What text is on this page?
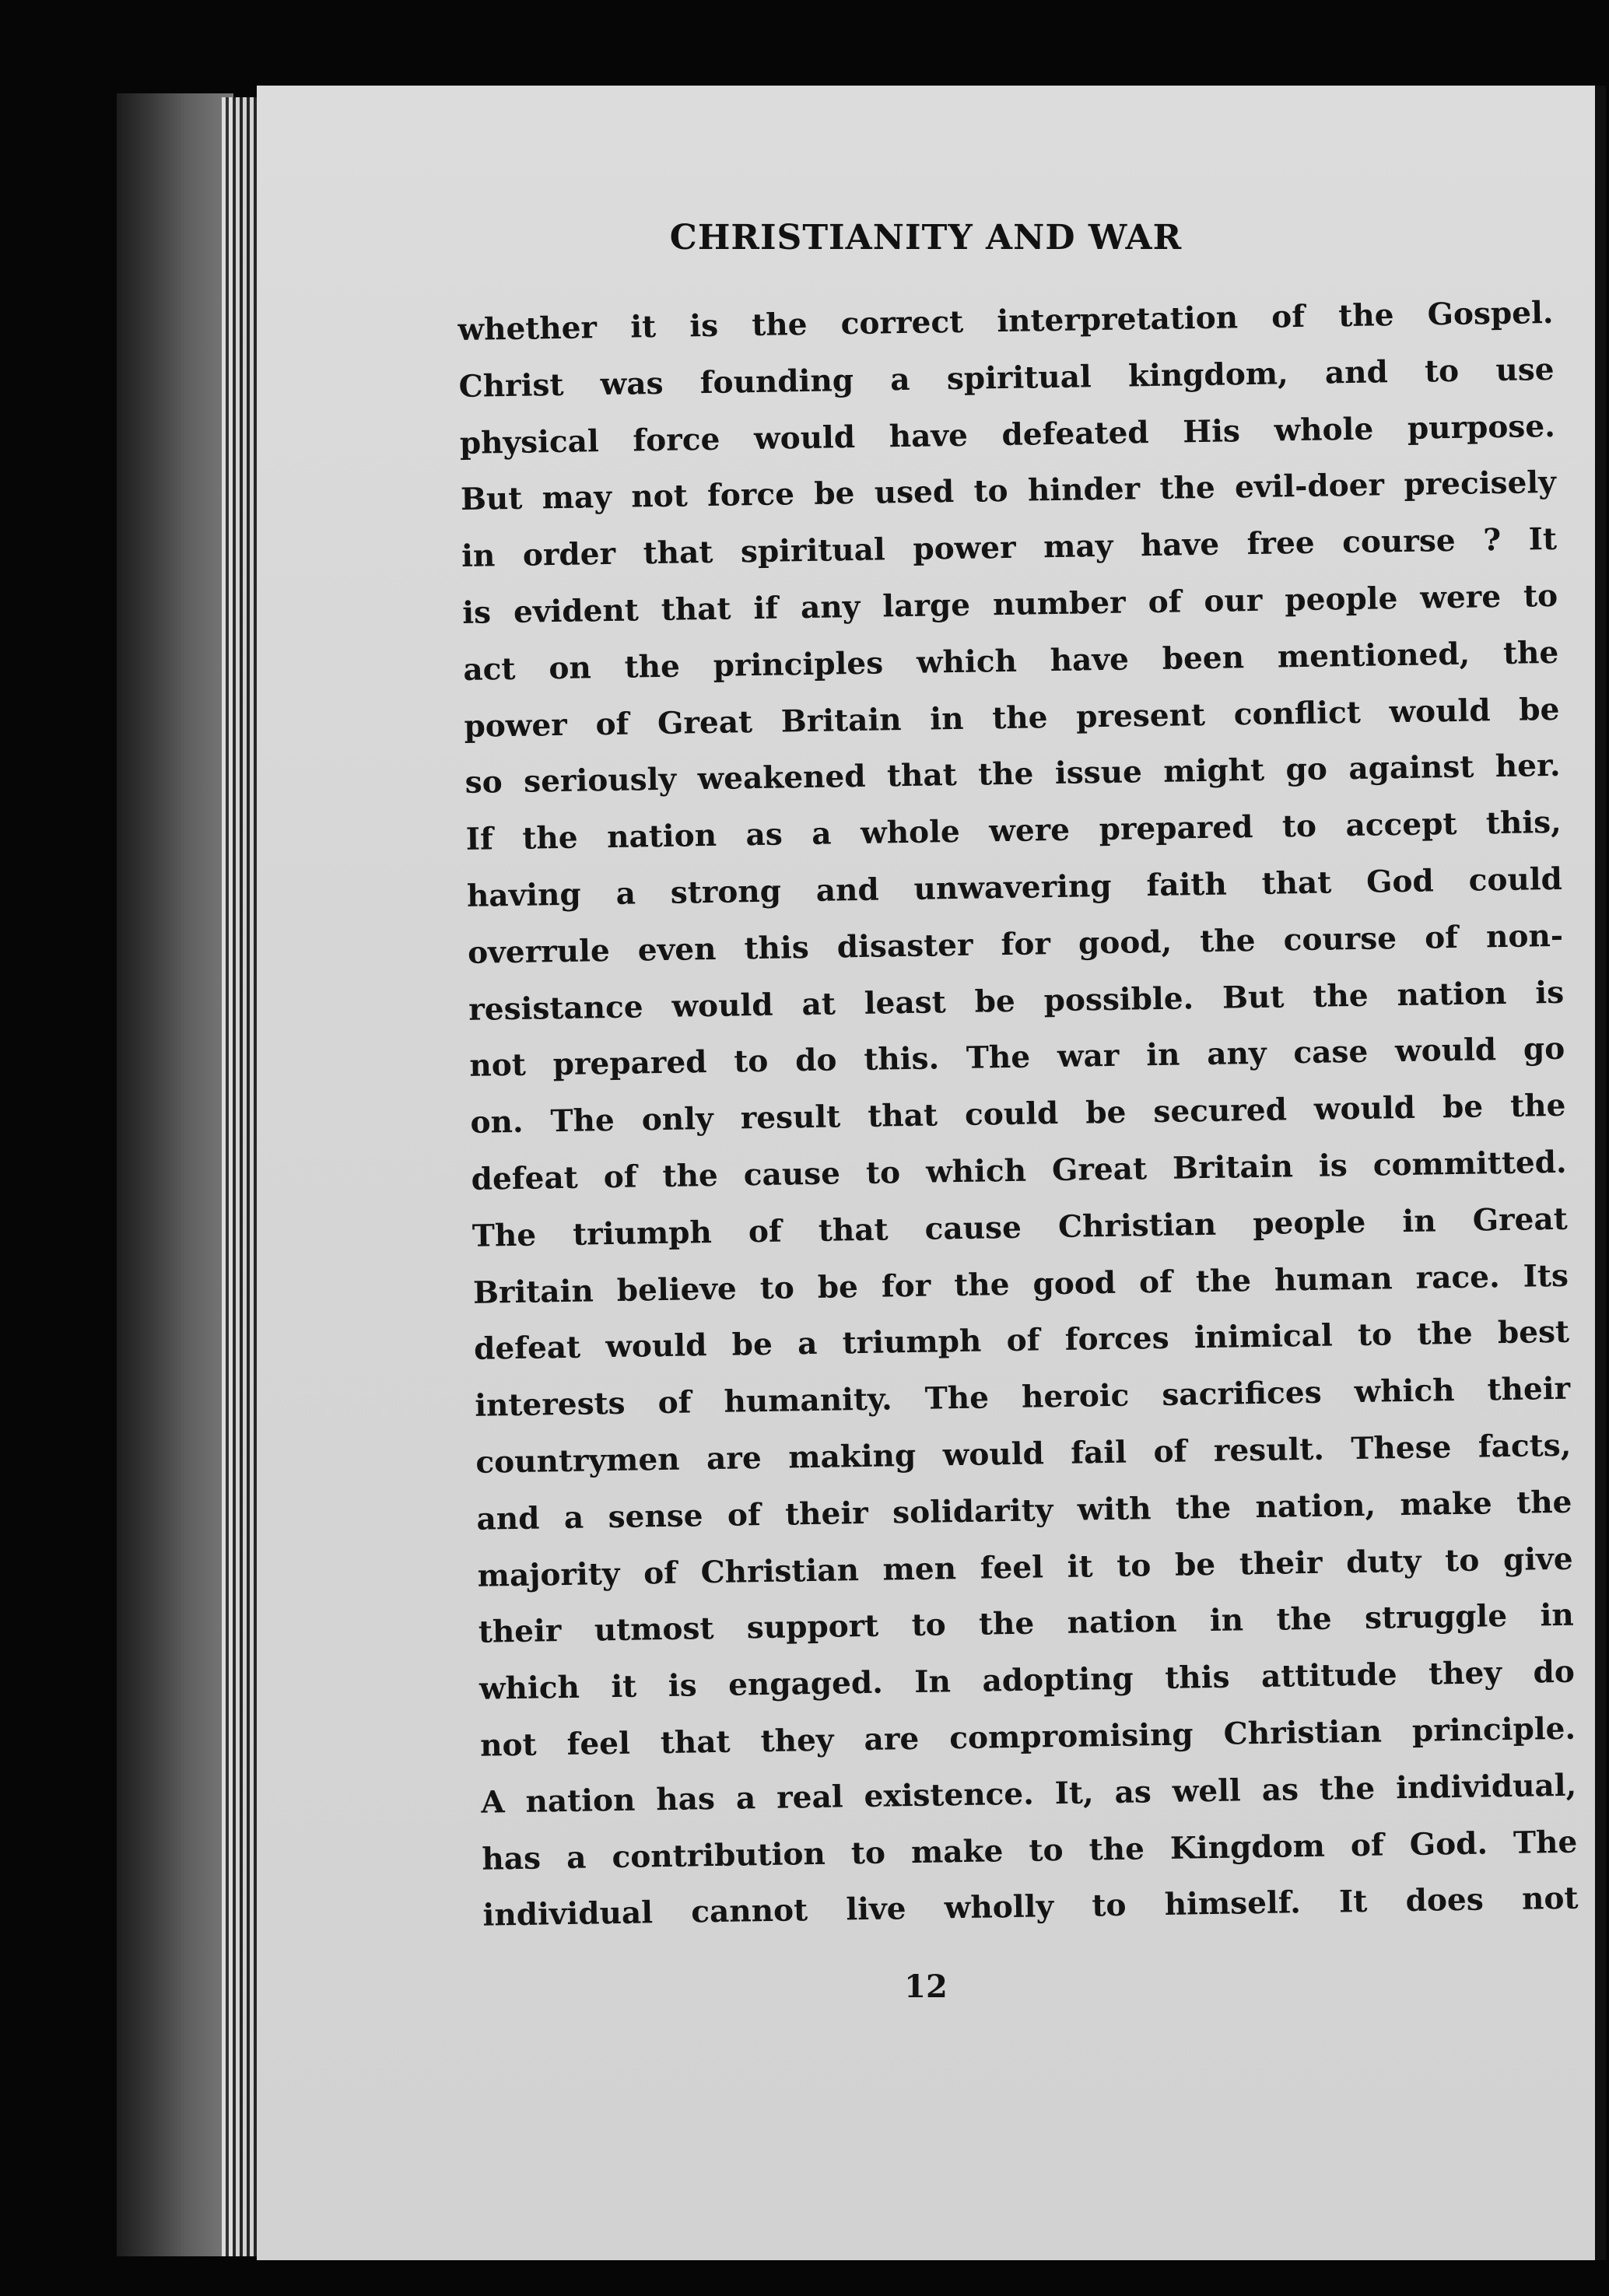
CHRISTIANITY AND WAR
whether it is the correct interpretation of the Gospel.
Christ was founding a spiritual kingdom, and to use
physical force would have defeated His whole purpose.
But may not force be used to hinder the evil-doer precisely
in order that spiritual power may have free course ? It
is evident that if any large number of our people were to
act on the principles which have been mentioned, the
power of Great Britain in the present conflict would be
so seriously weakened that the issue might go against her.
If the nation as a whole were prepared to accept this,
having a strong and unwavering faith that God could
overrule even this disaster for good, the course of non-
resistance would at least be possible. But the nation is
not prepared to do this. The war in any case would go
on. The only result that could be secured would be the
defeat of the cause to which Great Britain is committed.
The triumph of that cause Christian people in Great
Britain believe to be for the good of the human race. Its
defeat would be a triumph of forces inimical to the best
interests of humanity. The heroic sacrifices which their
countrymen are making would fail of result. These facts,
and a sense of their solidarity with the nation, make the
majority of Christian men feel it to be their duty to give
their utmost support to the nation in the struggle in
which it is engaged. In adopting this attitude they do
not feel that they are compromising Christian principle.
A nation has a real existence. It, as well as the individual,
has a contribution to make to the Kingdom of God. The
individual cannot live wholly to himself. It does not
12
